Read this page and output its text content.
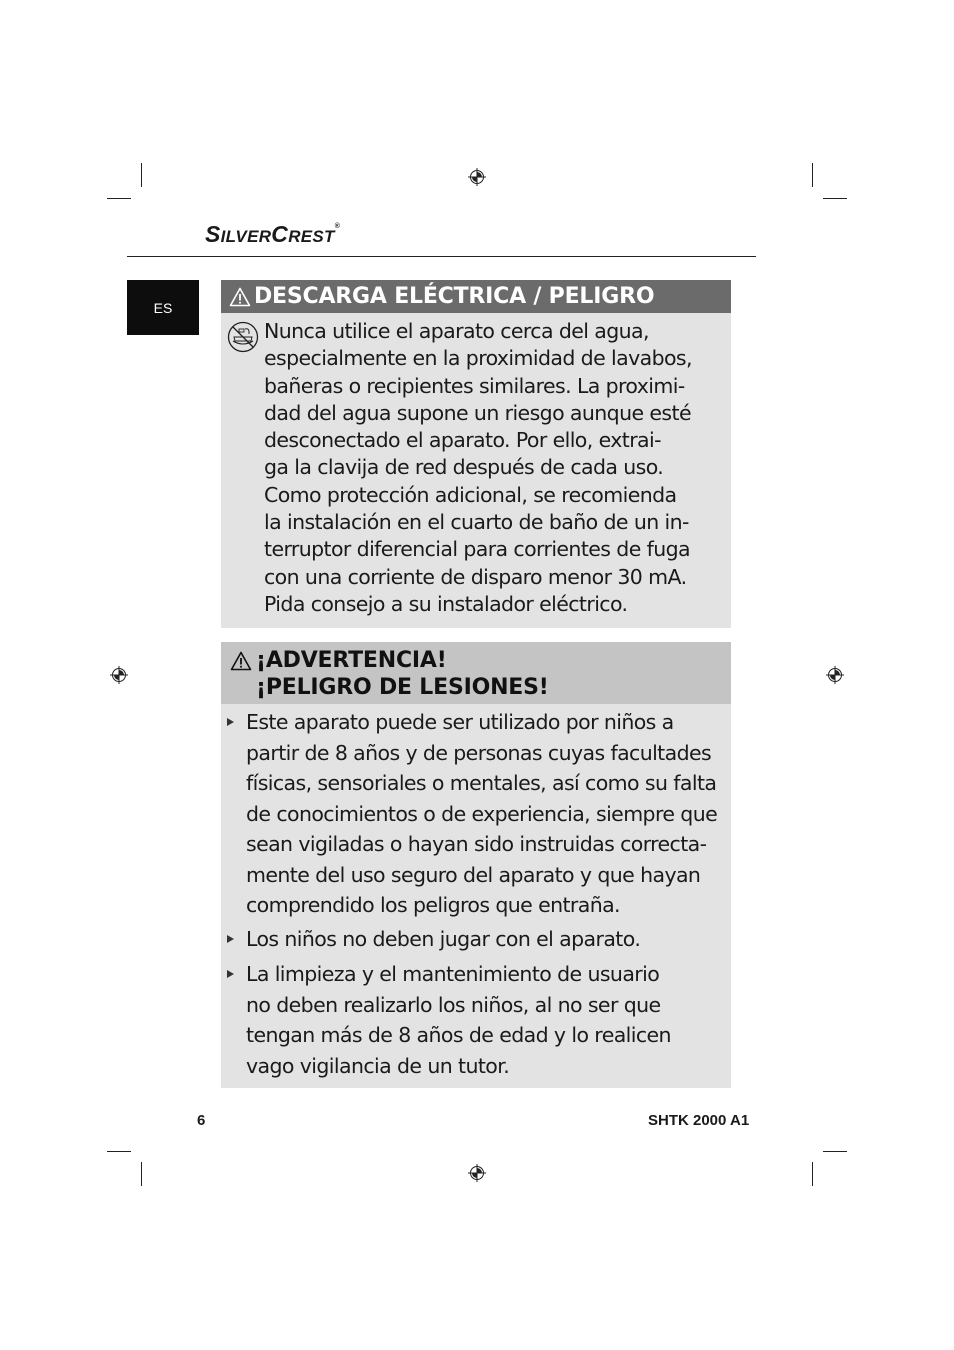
SILVERCREST®
ES	DESCARGA ELÉCTRICA / PELIGRO
Nunca utilice el aparato cerca del agua,
especialmente en la proximidad de lavabos,
bañeras o recipientes similares. La proximi-
dad del agua supone un riesgo aunque esté
desconectado el aparato. Por ello, extrai-
ga la clavija de red después de cada uso.
Como protección adicional, se recomienda
la instalación en el cuarto de baño de un in-
terruptor diferencial para corrientes de fuga
con una corriente de disparo menor 30 mA.
Pida consejo a su instalador eléctrico.
¡ADVERTENCIA!
¡PELIGRO DE LESIONES!
Este aparato puede ser utilizado por niños a
partir de 8 años y de personas cuyas facultades
físicas, sensoriales o mentales, así como su falta
de conocimientos o de experiencia, siempre que
sean vigiladas o hayan sido instruidas correcta-
mente del uso seguro del aparato y que hayan
comprendido los peligros que entraña.
Los niños no deben jugar con el aparato.
La limpieza y el mantenimiento de usuario
no deben realizarlo los niños, al no ser que
tengan más de 8 años de edad y lo realicen
vago vigilancia de un tutor.
6	SHTK 2000 A1
